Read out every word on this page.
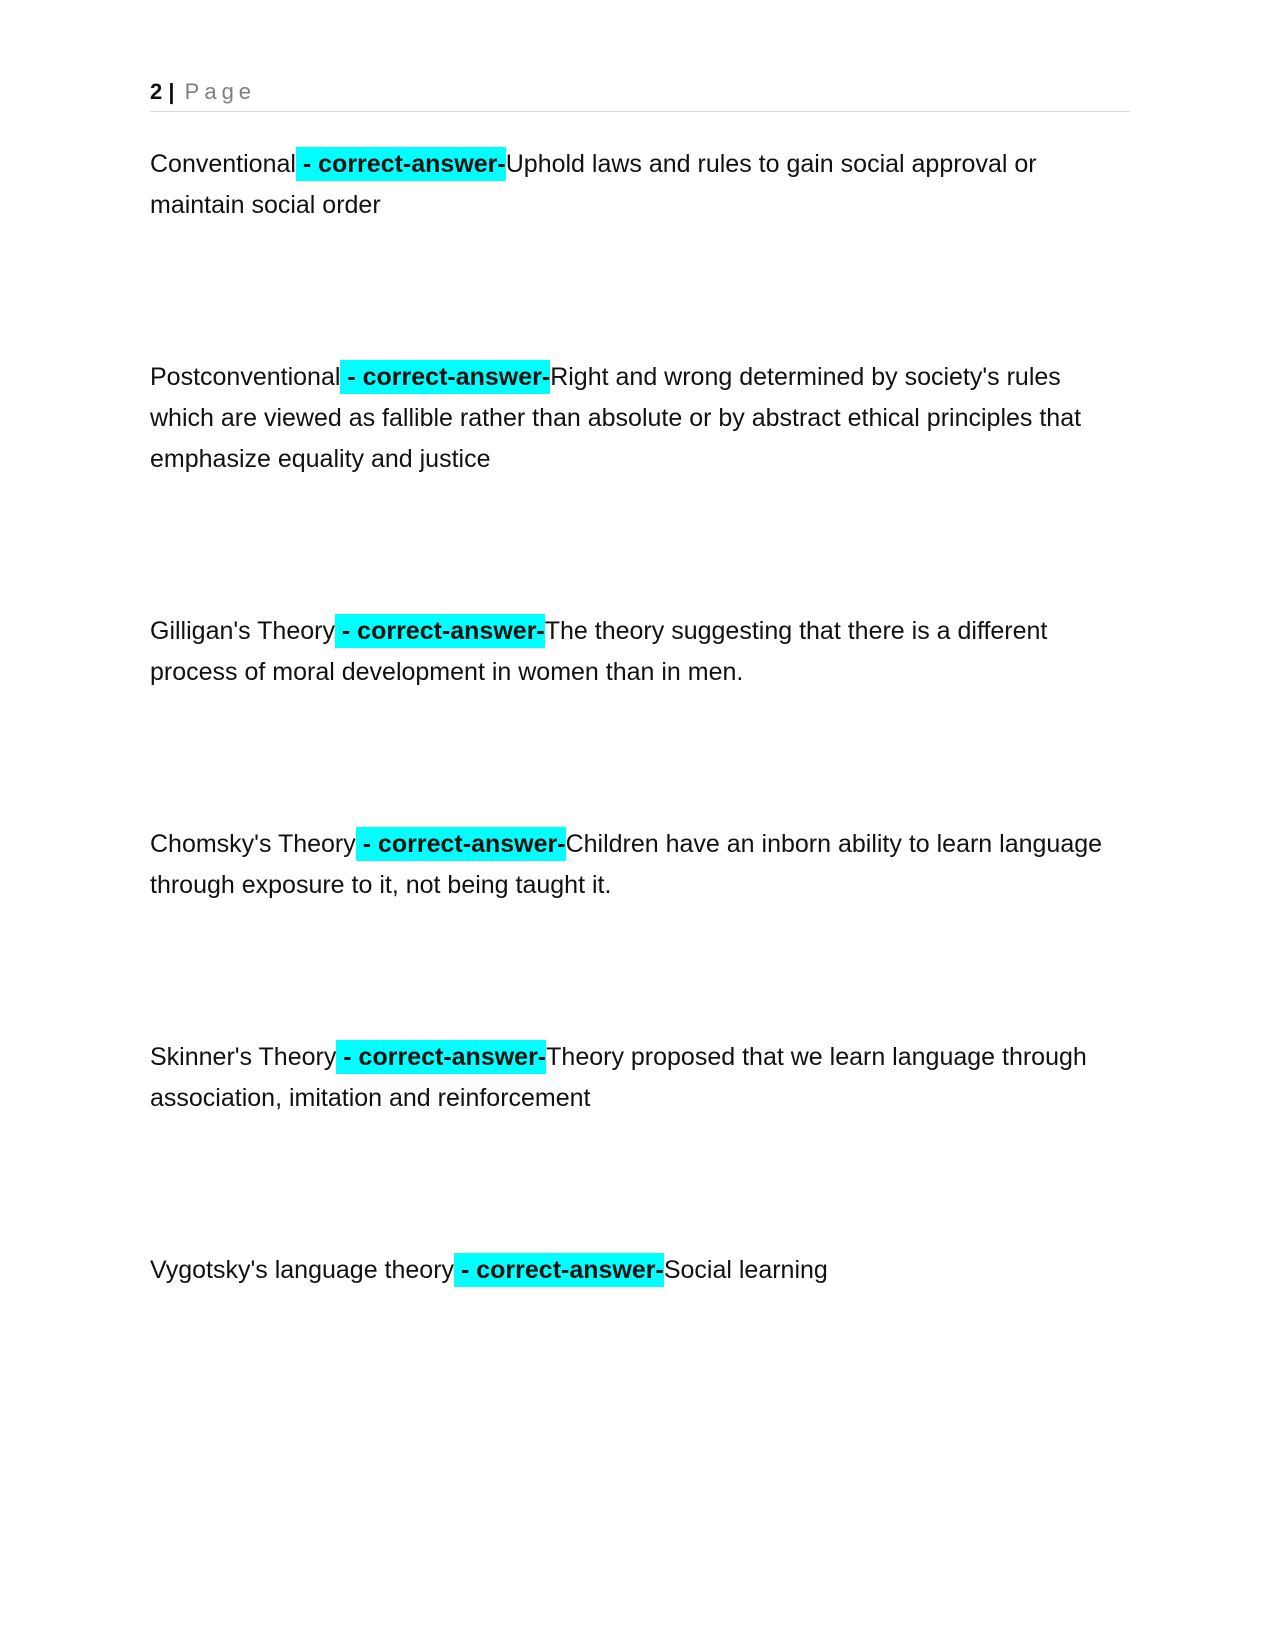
2 | Page

Conventional - correct-answer-Uphold laws and rules to gain social approval or maintain social order

Postconventional - correct-answer-Right and wrong determined by society's rules which are viewed as fallible rather than absolute or by abstract ethical principles that emphasize equality and justice

Gilligan's Theory - correct-answer-The theory suggesting that there is a different process of moral development in women than in men.

Chomsky's Theory - correct-answer-Children have an inborn ability to learn language through exposure to it, not being taught it.

Skinner's Theory - correct-answer-Theory proposed that we learn language through association, imitation and reinforcement

Vygotsky's language theory - correct-answer-Social learning
